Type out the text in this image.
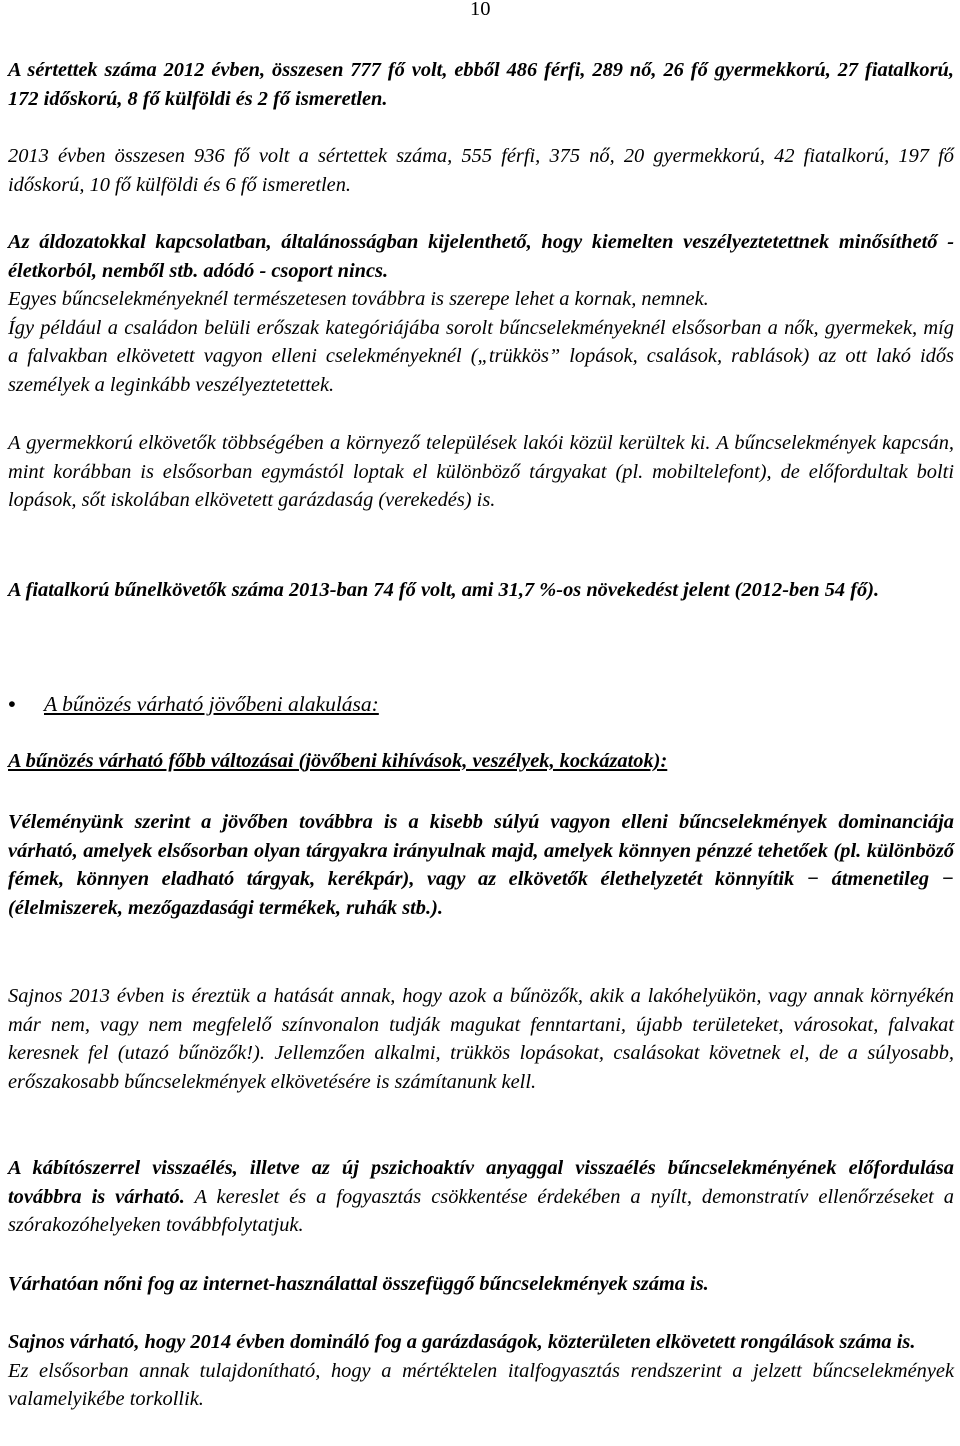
10

A sértettek száma 2012 évben, összesen 777 fő volt, ebből 486 férfi, 289 nő, 26 fő gyermekkorú, 27 fiatalkorú, 172 időskorú, 8 fő külföldi és 2 fő ismeretlen.

2013 évben összesen 936 fő volt a sértettek száma, 555 férfi, 375 nő, 20 gyermekkorú, 42 fiatalkorú, 197 fő időskorú, 10 fő külföldi és 6 fő ismeretlen.

Az áldozatokkal kapcsolatban, általánosságban kijelenthető, hogy kiemelten veszélyeztetettnek minősíthető - életkorból, nemből stb. adódó - csoport nincs.
Egyes bűncselekményeknél természetesen továbbra is szerepe lehet a kornak, nemnek.
Így például a családon belüli erőszak kategóriájába sorolt bűncselekményeknél elsősorban a nők, gyermekek, míg a falvakban elkövetett vagyon elleni cselekményeknél („trükkös” lopások, csalások, rablások) az ott lakó idős személyek a leginkább veszélyeztetettek.

A gyermekkorú elkövetők többségében a környező települések lakói közül kerültek ki. A bűncselekmények kapcsán, mint korábban is elsősorban egymástól loptak el különböző tárgyakat (pl. mobiltelefont), de előfordultak bolti lopások, sőt iskolában elkövetett garázdaság (verekedés) is.

A fiatalkorú bűnelkövetők száma 2013-ban 74 fő volt, ami 31,7 %-os növekedést jelent (2012-ben 54 fő).

• A bűnözés várható jövőbeni alakulása:

A bűnözés várható főbb változásai (jövőbeni kihívások, veszélyek, kockázatok):

Véleményünk szerint a jövőben továbbra is a kisebb súlyú vagyon elleni bűncselekmények dominanciája várható, amelyek elsősorban olyan tárgyakra irányulnak majd, amelyek könnyen pénzzé tehetőek (pl. különböző fémek, könnyen eladható tárgyak, kerékpár), vagy az elkövetők élethelyzetét könnyítik − átmenetileg − (élelmiszerek, mezőgazdasági termékek, ruhák stb.).

Sajnos 2013 évben is éreztük a hatását annak, hogy azok a bűnözők, akik a lakóhelyükön, vagy annak környékén már nem, vagy nem megfelelő színvonalon tudják magukat fenntartani, újabb területeket, városokat, falvakat keresnek fel (utazó bűnözők!). Jellemzően alkalmi, trükkös lopásokat, csalásokat követnek el, de a súlyosabb, erőszakosabb bűncselekmények elkövetésére is számítanunk kell.

A kábítószerrel visszaélés, illetve az új pszichoaktív anyaggal visszaélés bűncselekményének előfordulása továbbra is várható. A kereslet és a fogyasztás csökkentése érdekében a nyílt, demonstratív ellenőrzéseket a szórakozóhelyeken továbbfolytatjuk.

Várhatóan nőni fog az internet-használattal összefüggő bűncselekmények száma is.

Sajnos várható, hogy 2014 évben domináló fog a garázdaságok, közterületen elkövetett rongálások száma is.
Ez elsősorban annak tulajdonítható, hogy a mértéktelen italfogyasztás rendszerint a jelzett bűncselekmények valamelyikébe torkollik.
